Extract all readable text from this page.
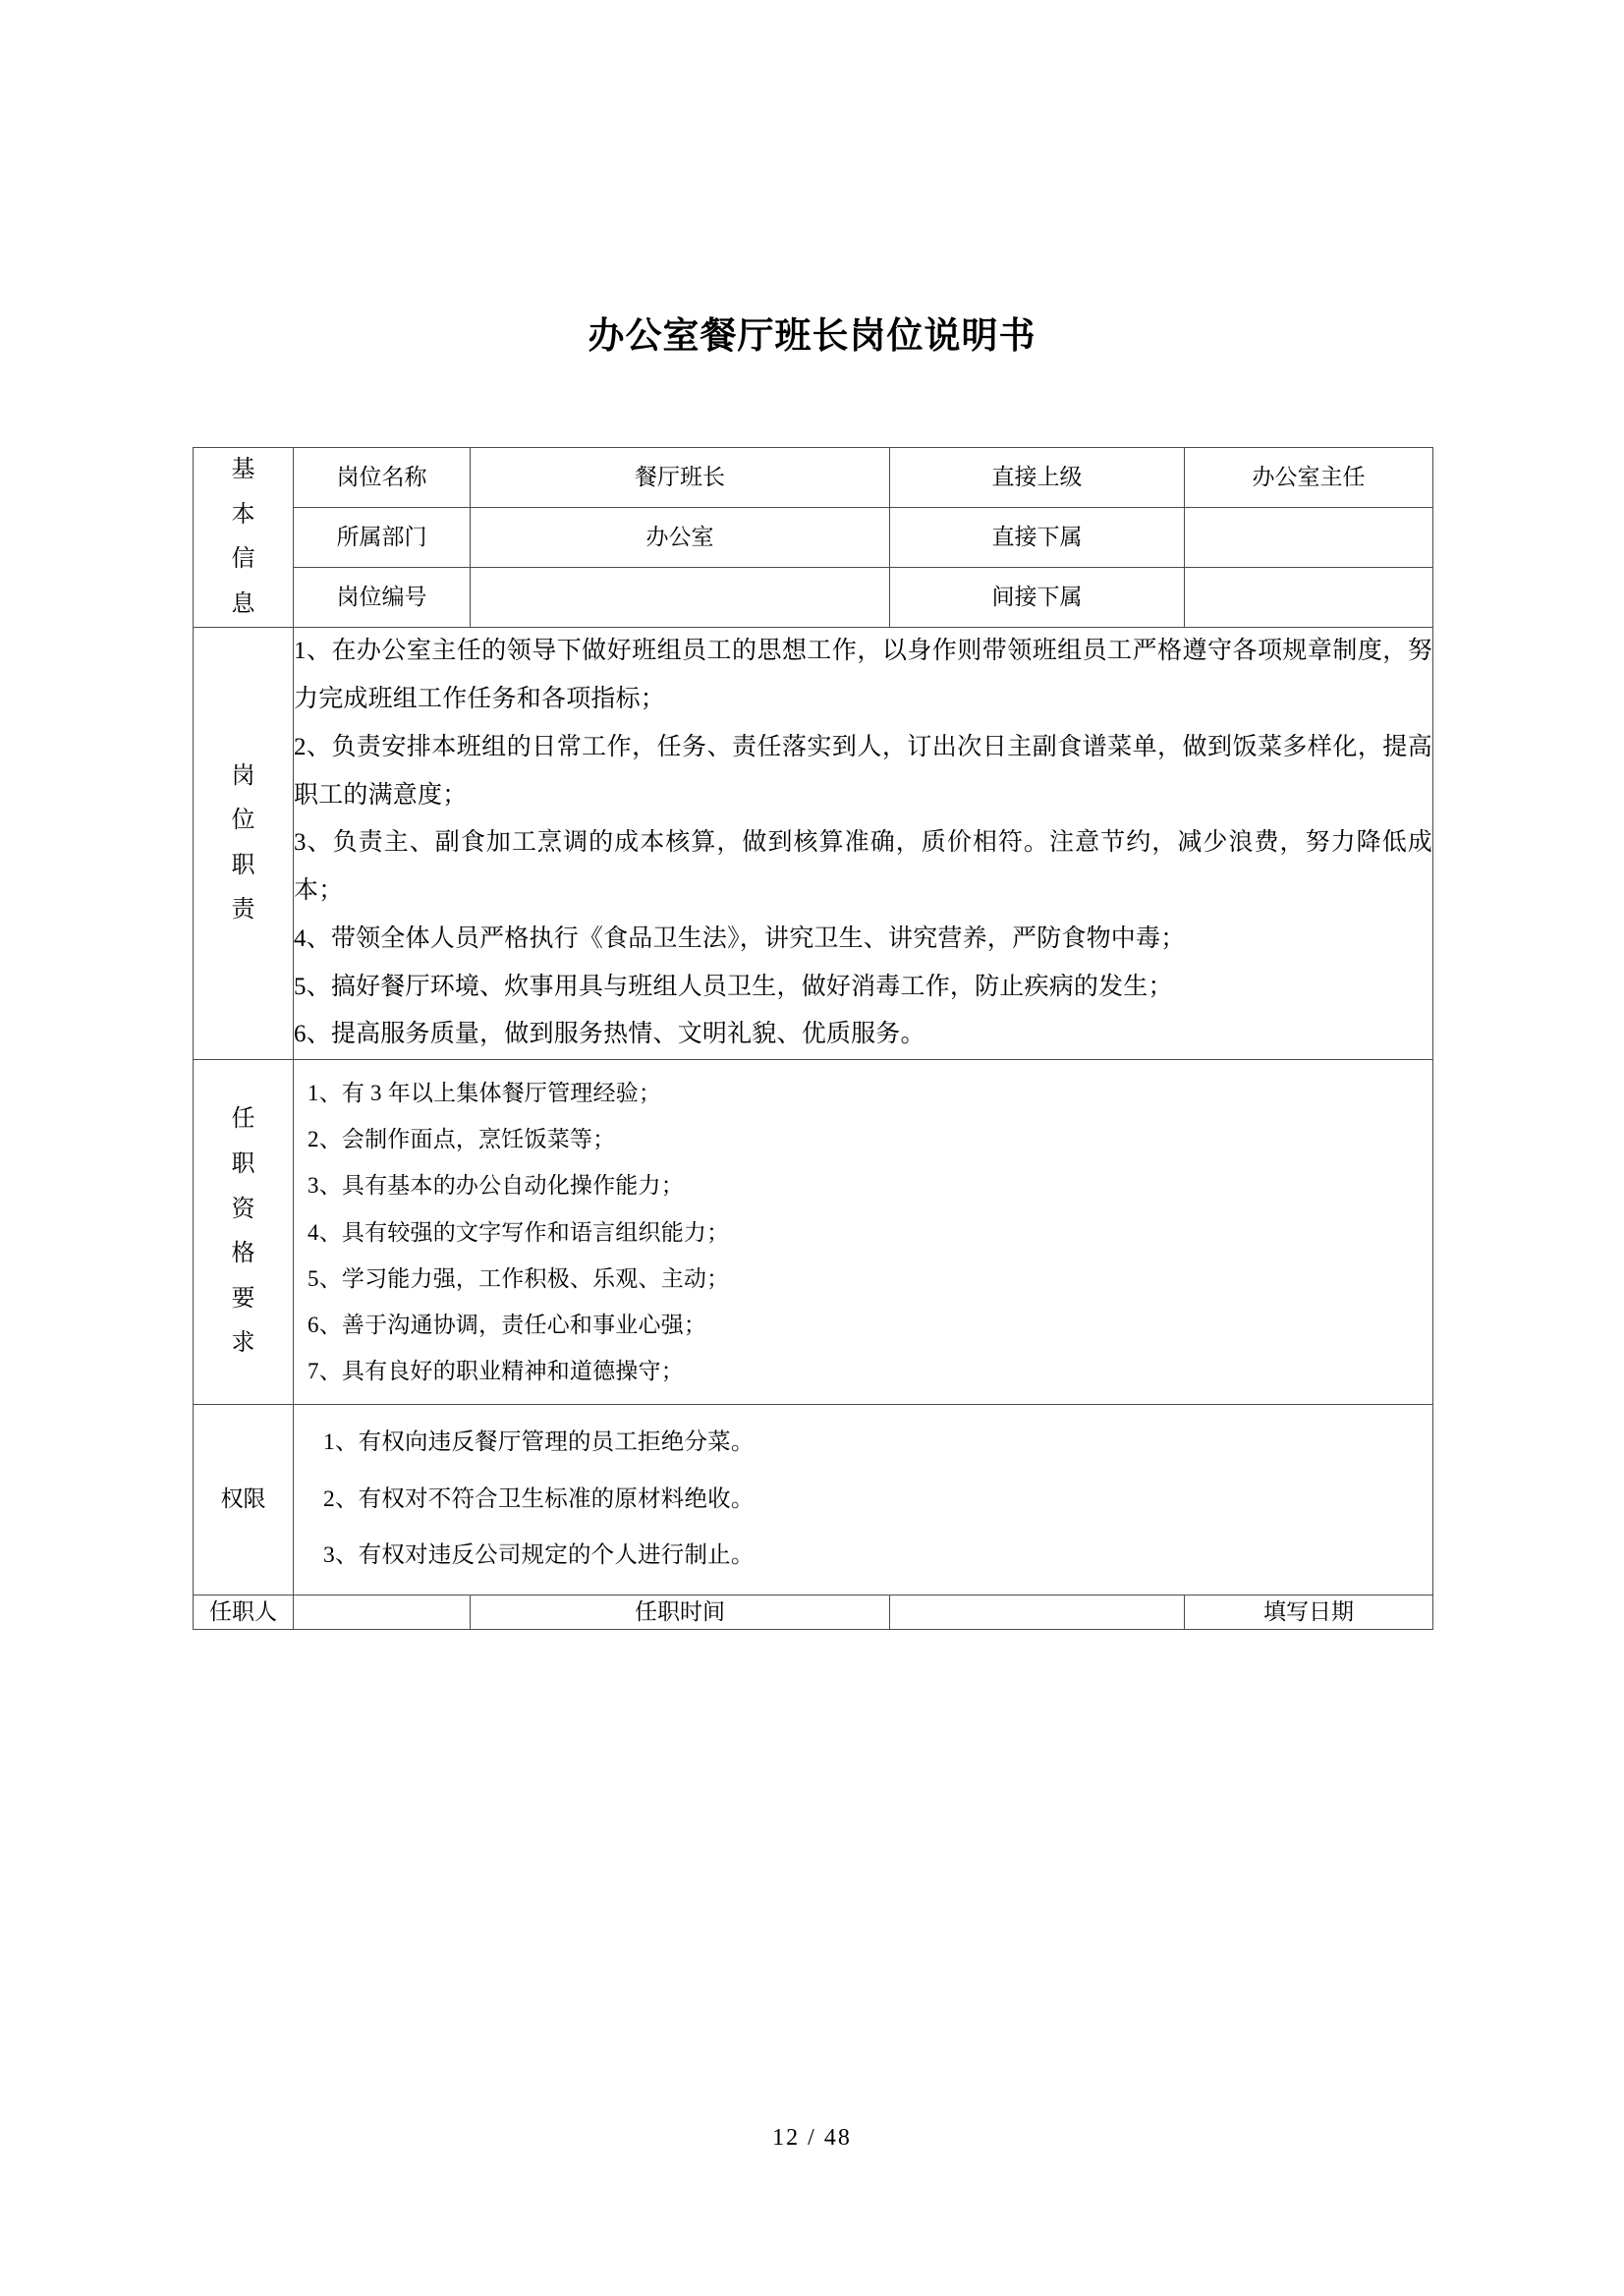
办公室餐厅班长岗位说明书
基
本
信
息	岗位名称	餐厅班长	直接上级	办公室主任
	所属部门	办公室	直接下属	
	岗位编号		间接下属	

岗
位
职
责

1、在办公室主任的领导下做好班组员工的思想工作，以身作则带领班组员工严格遵守各项规章制度，努力完成班组工作任务和各项指标；

2、负责安排本班组的日常工作，任务、责任落实到人，订出次日主副食谱菜单，做到饭菜多样化，提高职工的满意度；

3、负责主、副食加工烹调的成本核算，做到核算准确，质价相符。注意节约，减少浪费，努力降低成本；

4、带领全体人员严格执行《食品卫生法》，讲究卫生、讲究营养，严防食物中毒；

5、搞好餐厅环境、炊事用具与班组人员卫生，做好消毒工作，防止疾病的发生；

6、提高服务质量，做到服务热情、文明礼貌、优质服务。

任
职
资
格
要
求

1、有 3 年以上集体餐厅管理经验；

2、会制作面点，烹饪饭菜等；

3、具有基本的办公自动化操作能力；

4、具有较强的文字写作和语言组织能力；

5、学习能力强，工作积极、乐观、主动；

6、善于沟通协调，责任心和事业心强；

7、具有良好的职业精神和道德操守；

权限	1、有权向违反餐厅管理的员工拒绝分菜。

2、有权对不符合卫生标准的原材料绝收。

3、有权对违反公司规定的个人进行制止。			

任职人		任职时间		填写日期
12 / 48
